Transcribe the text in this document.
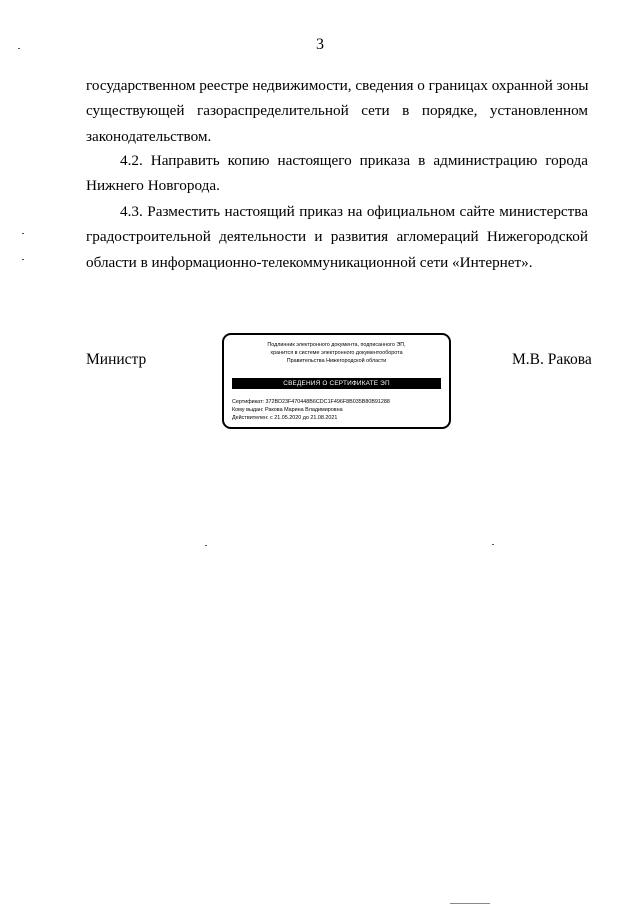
3
государственном реестре недвижимости, сведения о границах охранной зоны
существующей газораспределительной сети в порядке, установленном
законодательством.
4.2. Направить копию настоящего приказа в администрацию города
Нижнего Новгорода.
4.3. Разместить настоящий приказ на официальном сайте министерства
градостроительной деятельности и развития агломераций Нижегородской
области в информационно-телекоммуникационной сети «Интернет».
Министр	М.В. Ракова
Подлинник электронного документа, подписанного ЭП,
хранится в системе электронного документооборота
Правительства Нижегородской области
СВЕДЕНИЯ О СЕРТИФИКАТЕ ЭП
Сертификат: 372BD23F470448B6CDC1F496F8B035B80B91288
Кому выдан: Ракова Марина Владимировна
Действителен: с 21.05.2020 до 21.08.2021
